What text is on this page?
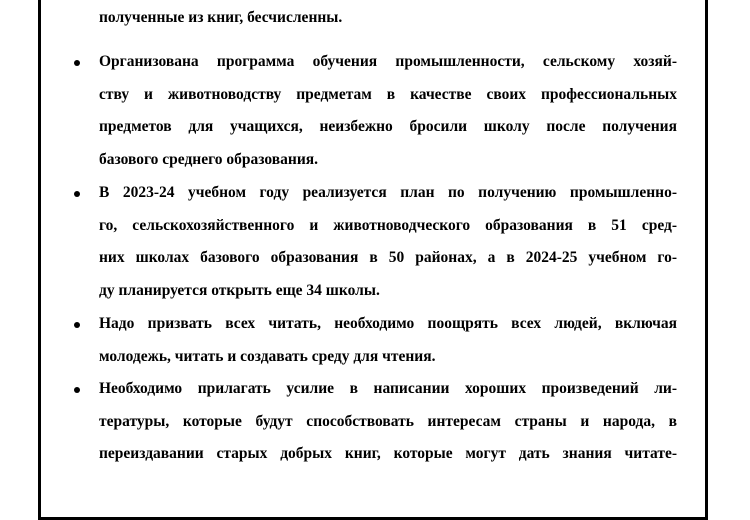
полученные из книг, бесчисленны.

Организована программа обучения промышленности, сельскому хозяй-
ству и животноводству предметам в качестве своих профессиональных
предметов для учащихся, неизбежно бросили школу после получения
базового среднего образования.

В 2023-24 учебном году реализуется план по получению промышленно-
го, сельскохозяйственного и животноводческого образования в 51 сред-
них школах базового образования в 50 районах, а в 2024-25 учебном го-
ду планируется открыть еще 34 школы.

Надо призвать всех читать, необходимо поощрять всех людей, включая
молодежь, читать и создавать среду для чтения.

Необходимо прилагать усилие в написании хороших произведений ли-
тературы, которые будут способствовать интересам страны и народа, в
переиздавании старых добрых книг, которые могут дать знания читате-
